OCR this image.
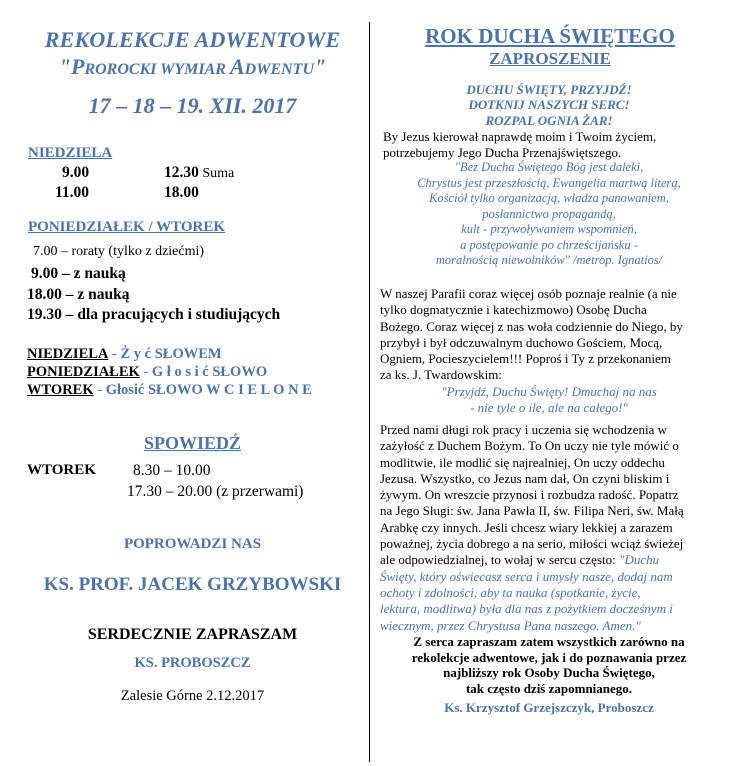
REKOLEKCJE ADWENTOWE
"PROROCKI WYMIAR ADWENTU"
17 – 18 – 19. XII. 2017
NIEDZIELA
9.00	12.30 Suma
11.00	18.00
PONIEDZIAŁEK / WTOREK
7.00 – roraty (tylko z dziećmi)
9.00 – z nauką
18.00 – z nauką
19.30 – dla pracujących i studiujących
NIEDZIELA - Ż y ć SŁOWEM
PONIEDZIAŁEK - G ł o s i ć SŁOWO
WTOREK - Głosić SŁOWO W C I E L O N E
SPOWIEDŹ
WTOREK 8.30 – 10.00
17.30 – 20.00 (z przerwami)
POPROWADZI NAS
KS. PROF. JACEK GRZYBOWSKI
SERDECZNIE ZAPRASZAM
KS. PROBOSZCZ
Zalesie Górne 2.12.2017
ROK DUCHA ŚWIĘTEGO
ZAPROSZENIE
DUCHU ŚWIĘTY, PRZYJDŹ!
DOTKNIJ NASZYCH SERC!
ROZPAL OGNIA ŻAR!
By Jezus kierował naprawdę moim i Twoim życiem,
potrzebujemy Jego Ducha Przenajświętszego.
"Bez Ducha Świętego Bóg jest daleki,
Chrystus jest przeszłością, Ewangelia martwą literą,
Kościół tylko organizacją, władza panowaniem,
posłannictwo propagandą,
kult - przywoływaniem wspomnień,
a postępowanie po chrześcijańsku -
moralnością niewolników" /metrop. Ignatios/
W naszej Parafii coraz więcej osób poznaje realnie (a nie
tylko dogmatycznie i katechizmowo) Osobę Ducha
Bożego. Coraz więcej z nas woła codziennie do Niego, by
przybył i był odczuwalnym duchowo Gościem, Mocą,
Ogniem, Pocieszycielem!!! Poproś i Ty z przekonaniem
za ks. J. Twardowskim:
"Przyjdź, Duchu Święty! Dmuchaj na nas
- nie tyle o ile, ale na całego!"
Przed nami długi rok pracy i uczenia się wchodzenia w
zażyłość z Duchem Bożym. To On uczy nie tyle mówić o
modlitwie, ile modlić się najrealniej, On uczy oddechu
Jezusa. Wszystko, co Jezus nam dał, On czyni bliskim i
żywym. On wreszcie przynosi i rozbudza radość. Popatrz
na Jego Sługi: św. Jana Pawła II, św. Filipa Neri, św. Małą
Arabkę czy innych. Jeśli chcesz wiary lekkiej a zarazem
poważnej, życia dobrego a na serio, miłości wciąż świeżej
ale odpowiedzialnej, to wołaj w sercu często: "Duchu
Święty, który oświecasz serca i umysły nasze, dodaj nam
ochoty i zdolności, aby ta nauka (spotkanie, życie,
lektura, modlitwa) była dla nas z pożytkiem docześnym i
wiecznym, przez Chrystusa Pana naszego. Amen."
Z serca zapraszam zatem wszystkich zarówno na
rekolekcje adwentowe, jak i do poznawania przez
najbliższy rok Osoby Ducha Świętego,
tak często dziś zapomnianego.
Ks. Krzysztof Grzejszczyk, Proboszcz
